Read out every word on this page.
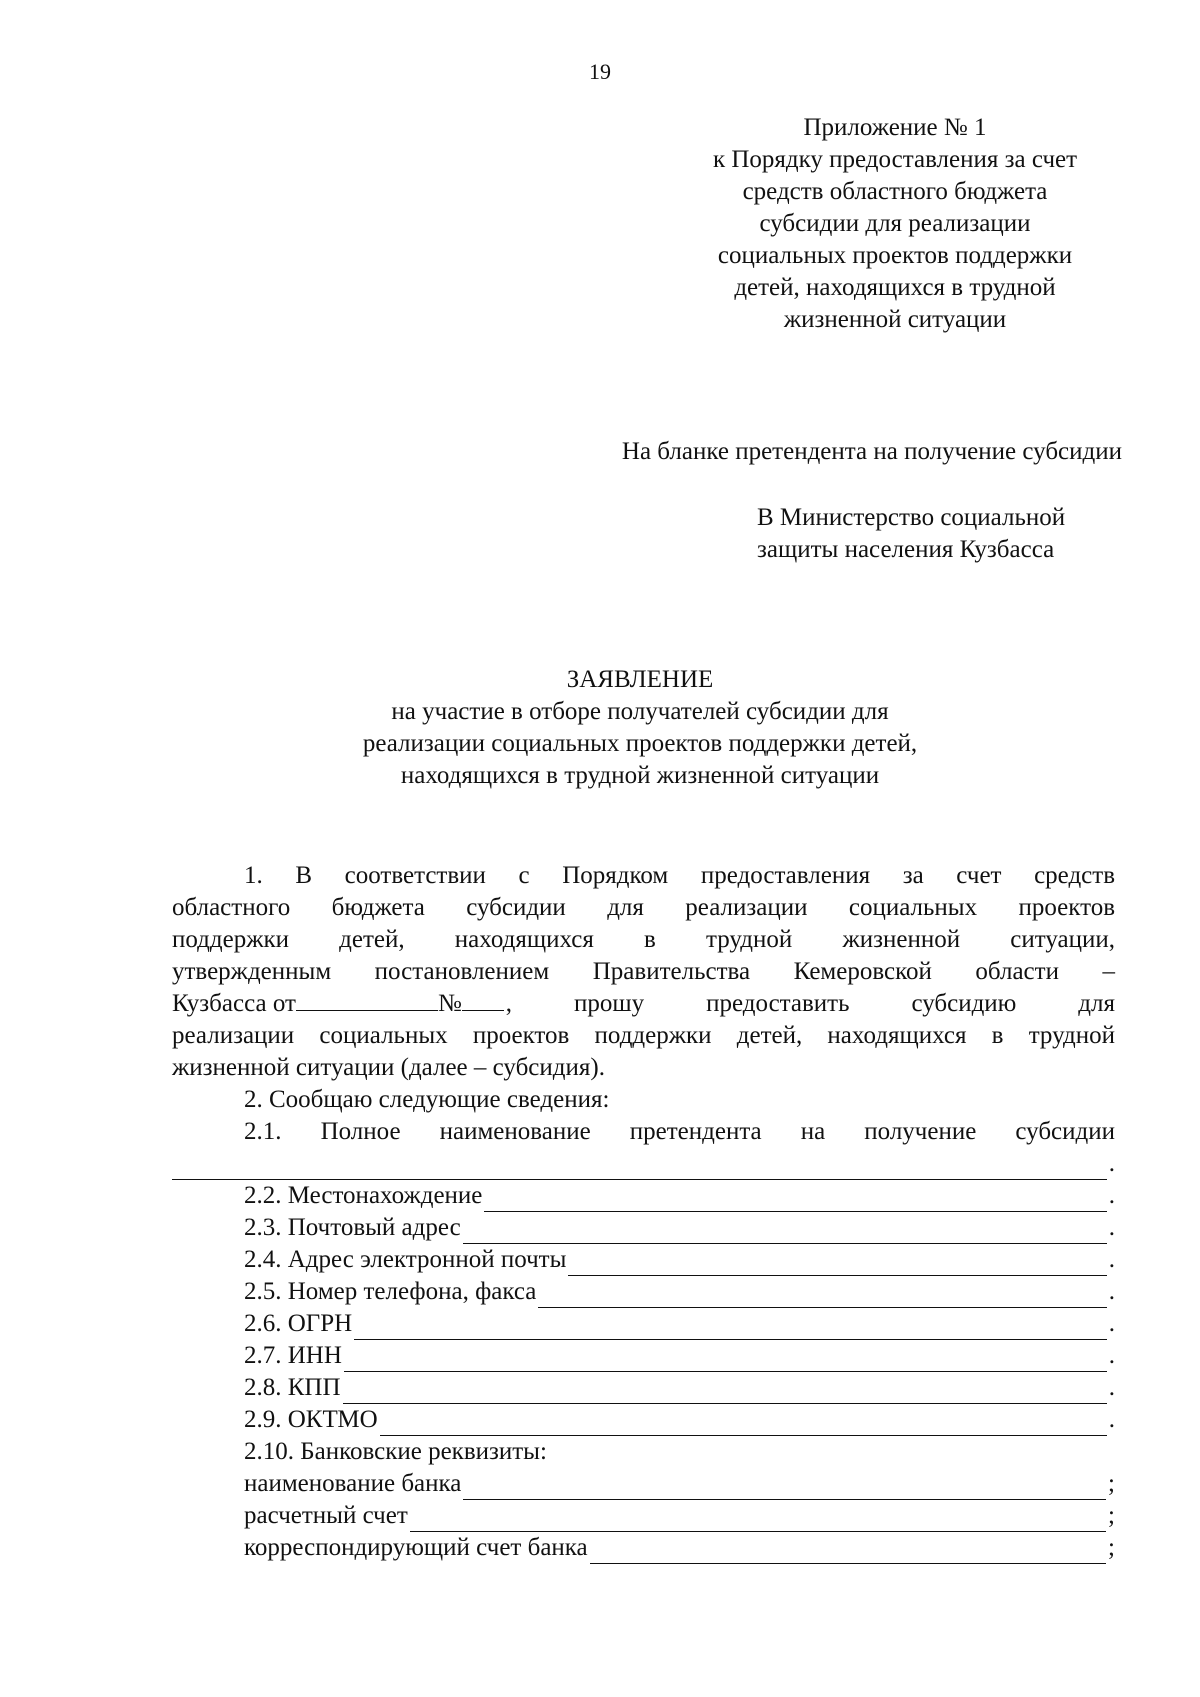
19
Приложение № 1
к Порядку предоставления за счет
средств областного бюджета
субсидии для реализации
социальных проектов поддержки
детей, находящихся в трудной
жизненной ситуации
На бланке претендента на получение субсидии
В Министерство социальной
защиты населения Кузбасса
ЗАЯВЛЕНИЕ
на участие в отборе получателей субсидии для
реализации социальных проектов поддержки детей,
находящихся в трудной жизненной ситуации
1. В соответствии с Порядком предоставления за счет средств
областного бюджета субсидии для реализации социальных проектов
поддержки детей, находящихся в трудной жизненной ситуации,
утвержденным постановлением Правительства Кемеровской области –
Кузбасса от	№	, прошу предоставить субсидию для
реализации социальных проектов поддержки детей, находящихся в трудной
жизненной ситуации (далее – субсидия).
2. Сообщаю следующие сведения:
2.1. Полное наименование претендента на получение субсидии
.
2.2. Местонахождение	.
2.3. Почтовый адрес	.
2.4. Адрес электронной почты	.
2.5. Номер телефона, факса	.
2.6. ОГРН	.
2.7. ИНН	.
2.8. КПП	.
2.9. ОКТМО	.
2.10. Банковские реквизиты:
наименование банка	;
расчетный счет	;
корреспондирующий счет банка	;
